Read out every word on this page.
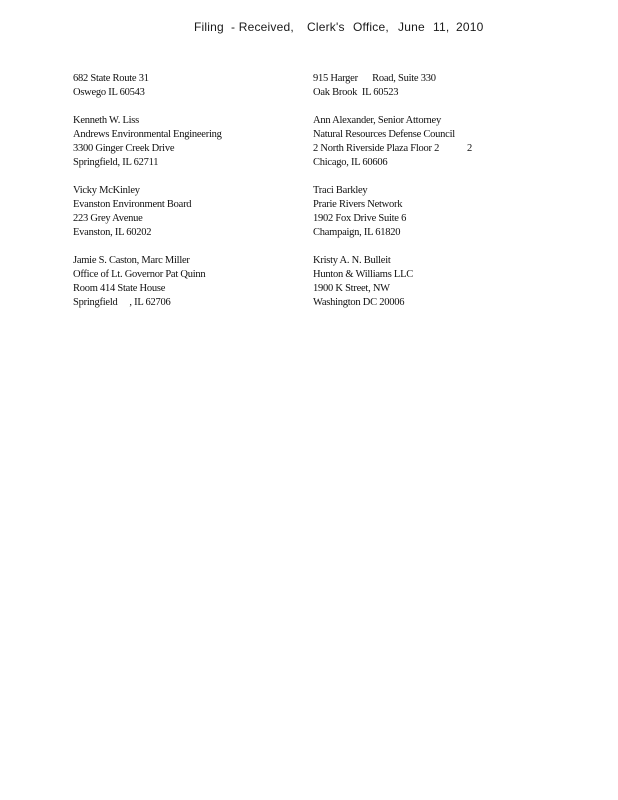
Filing - Received, Clerk's Office, June 11, 2010
682 State Route 31
Oswego IL 60543
Kenneth W. Liss
Andrews Environmental Engineering
3300 Ginger Creek Drive
Springfield, IL 62711
Vicky McKinley
Evanston Environment Board
223 Grey Avenue
Evanston, IL 60202
Jamie S. Caston, Marc Miller
Office of Lt. Governor Pat Quinn
Room 414 State House
Springfield     , IL 62706
915 Harger      Road, Suite 330
Oak Brook  IL 60523
Ann Alexander, Senior Attorney
Natural Resources Defense Council
2 North Riverside Plaza Floor 2
Chicago, IL 60606
Traci Barkley
Prarie Rivers Network
1902 Fox Drive Suite 6
Champaign, IL 61820
Kristy A. N. Bulleit
Hunton & Williams LLC
1900 K Street, NW
Washington DC 20006
2
